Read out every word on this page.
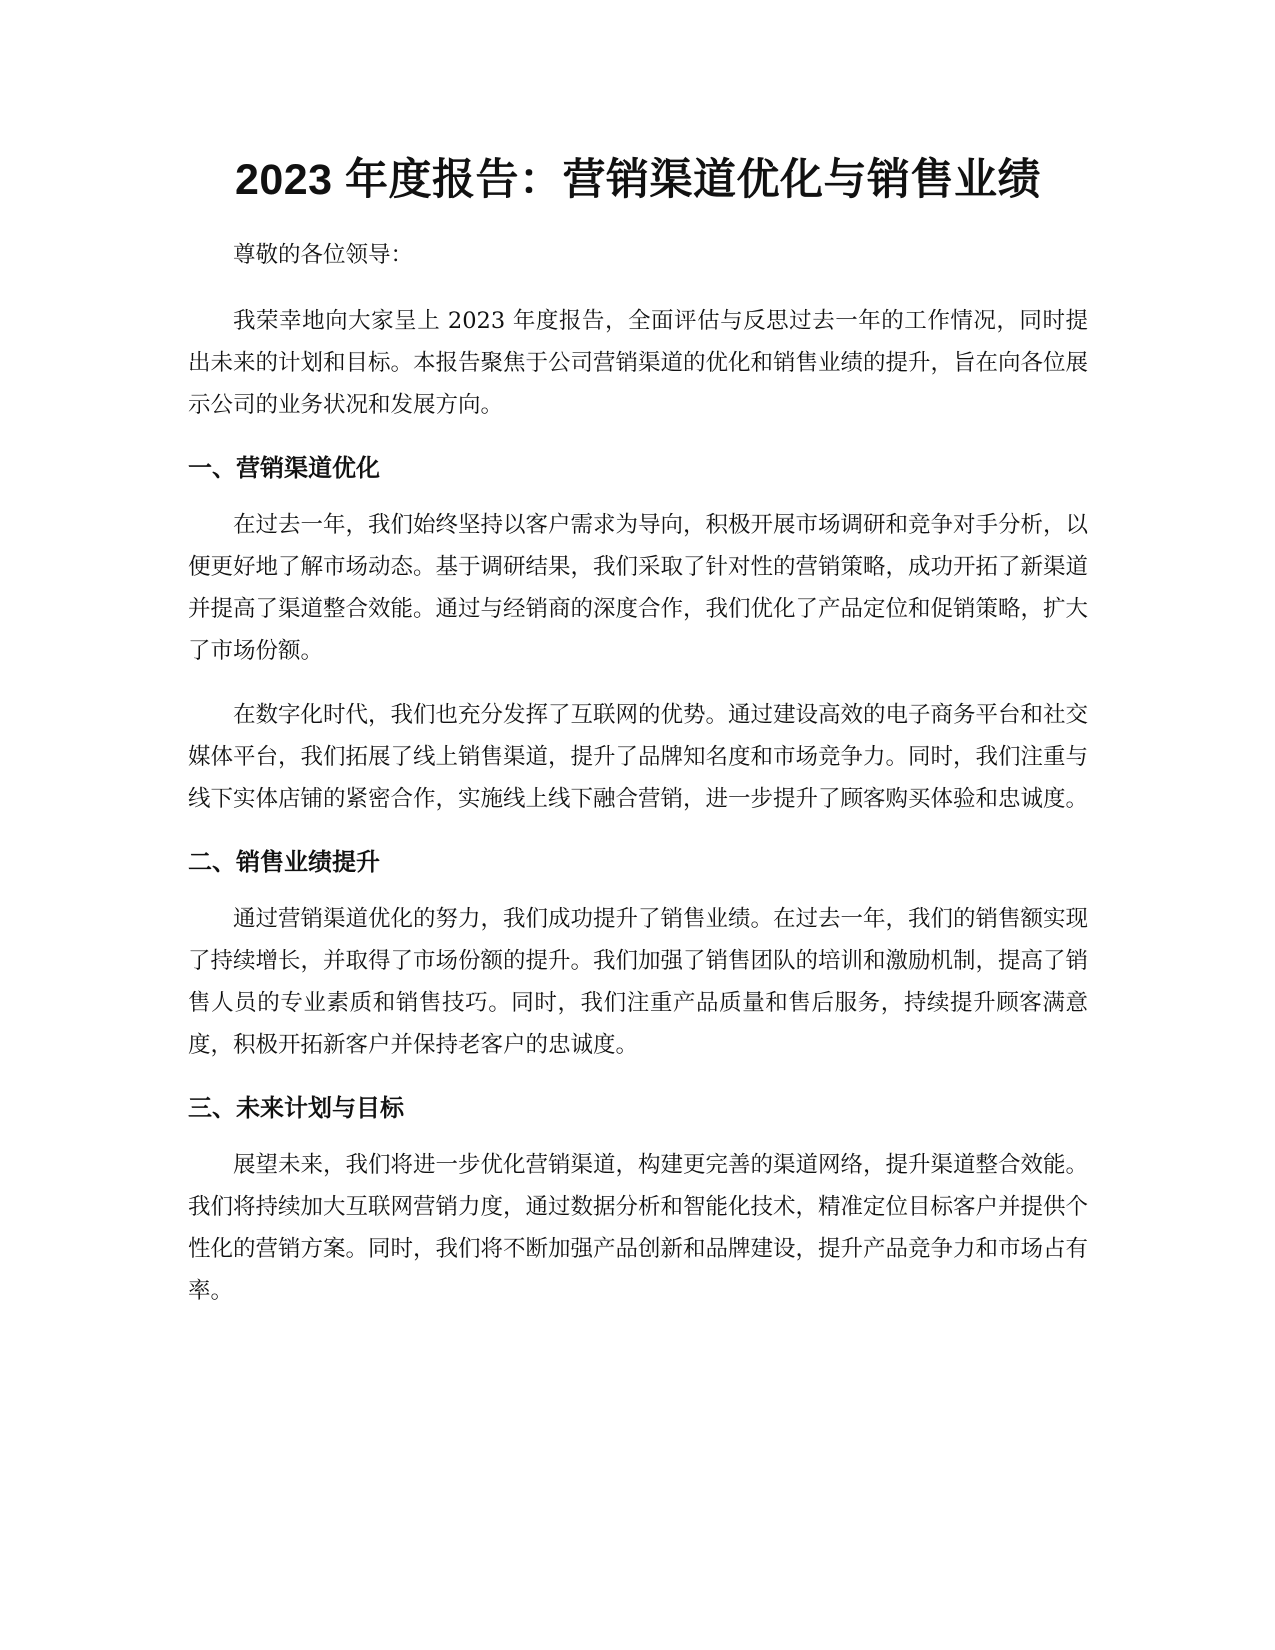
2023 年度报告：营销渠道优化与销售业绩

尊敬的各位领导：

我荣幸地向大家呈上 2023 年度报告，全面评估与反思过去一年的工作情况，同时提出未来的计划和目标。本报告聚焦于公司营销渠道的优化和销售业绩的提升，旨在向各位展示公司的业务状况和发展方向。

一、营销渠道优化

在过去一年，我们始终坚持以客户需求为导向，积极开展市场调研和竞争对手分析，以便更好地了解市场动态。基于调研结果，我们采取了针对性的营销策略，成功开拓了新渠道并提高了渠道整合效能。通过与经销商的深度合作，我们优化了产品定位和促销策略，扩大了市场份额。

在数字化时代，我们也充分发挥了互联网的优势。通过建设高效的电子商务平台和社交媒体平台，我们拓展了线上销售渠道，提升了品牌知名度和市场竞争力。同时，我们注重与线下实体店铺的紧密合作，实施线上线下融合营销，进一步提升了顾客购买体验和忠诚度。

二、销售业绩提升

通过营销渠道优化的努力，我们成功提升了销售业绩。在过去一年，我们的销售额实现了持续增长，并取得了市场份额的提升。我们加强了销售团队的培训和激励机制，提高了销售人员的专业素质和销售技巧。同时，我们注重产品质量和售后服务，持续提升顾客满意度，积极开拓新客户并保持老客户的忠诚度。

三、未来计划与目标

展望未来，我们将进一步优化营销渠道，构建更完善的渠道网络，提升渠道整合效能。我们将持续加大互联网营销力度，通过数据分析和智能化技术，精准定位目标客户并提供个性化的营销方案。同时，我们将不断加强产品创新和品牌建设，提升产品竞争力和市场占有率。
